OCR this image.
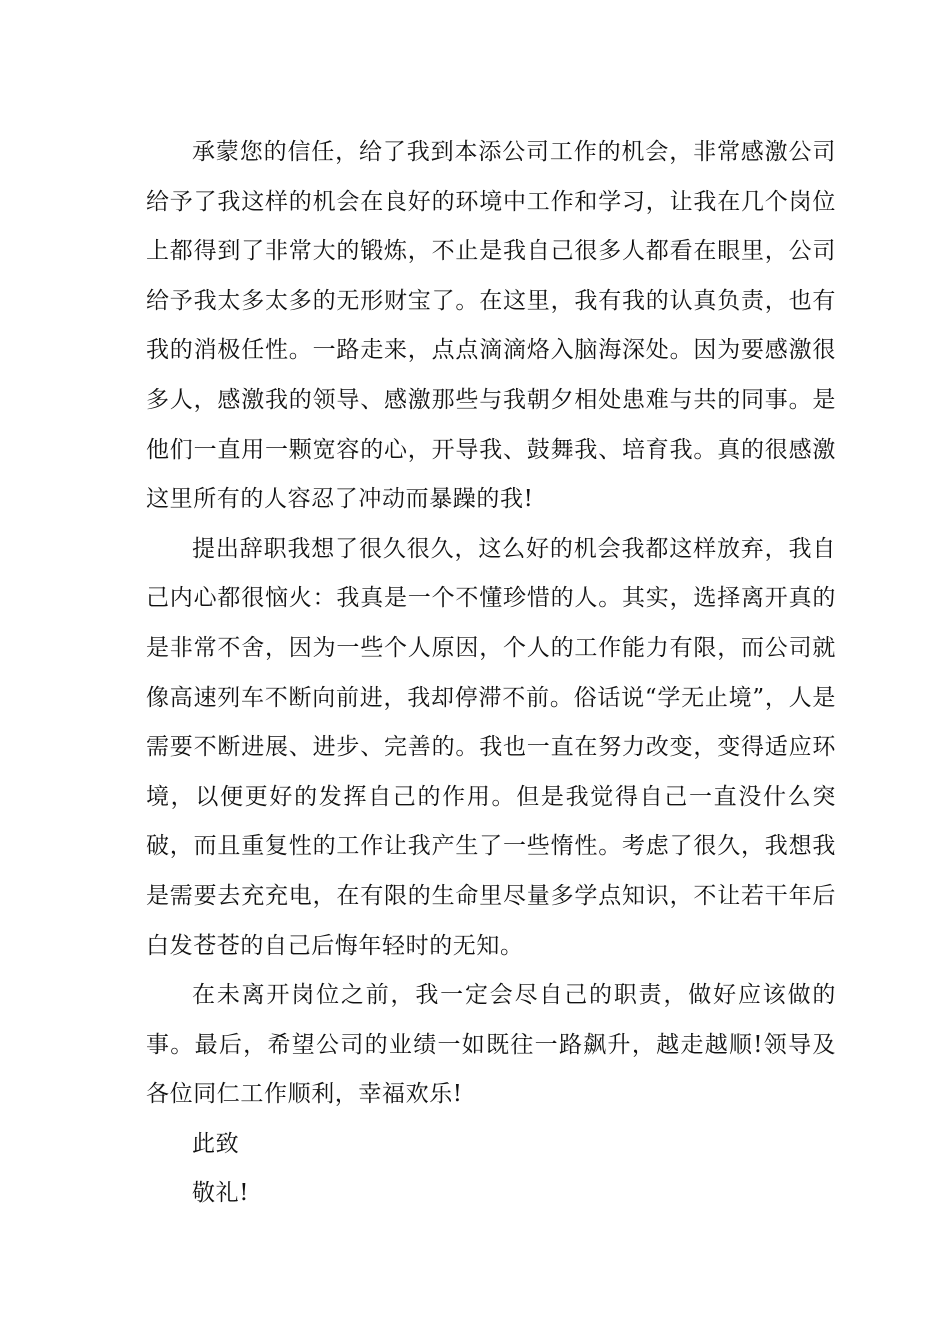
承蒙您的信任，给了我到本添公司工作的机会，非常感激公司给予了我这样的机会在良好的环境中工作和学习，让我在几个岗位上都得到了非常大的锻炼，不止是我自己很多人都看在眼里，公司给予我太多太多的无形财宝了。在这里，我有我的认真负责，也有我的消极任性。一路走来，点点滴滴烙入脑海深处。因为要感激很多人，感激我的领导、感激那些与我朝夕相处患难与共的同事。是他们一直用一颗宽容的心，开导我、鼓舞我、培育我。真的很感激这里所有的人容忍了冲动而暴躁的我!

提出辞职我想了很久很久，这么好的机会我都这样放弃，我自己内心都很恼火：我真是一个不懂珍惜的人。其实，选择离开真的是非常不舍，因为一些个人原因，个人的工作能力有限，而公司就像高速列车不断向前进，我却停滞不前。俗话说“学无止境”，人是需要不断进展、进步、完善的。我也一直在努力改变，变得适应环境，以便更好的发挥自己的作用。但是我觉得自己一直没什么突破，而且重复性的工作让我产生了一些惰性。考虑了很久，我想我是需要去充充电，在有限的生命里尽量多学点知识，不让若干年后白发苍苍的自己后悔年轻时的无知。

在未离开岗位之前，我一定会尽自己的职责，做好应该做的事。最后，希望公司的业绩一如既往一路飙升，越走越顺!领导及各位同仁工作顺利，幸福欢乐!

此致

敬礼!
